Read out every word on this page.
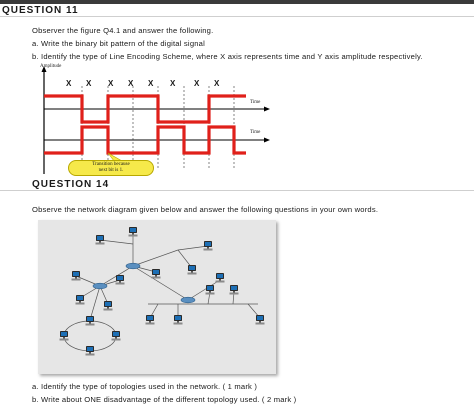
QUESTION 11
Observer the figure Q4.1 and answer the following.
a. Write the binary bit pattern of the digital signal
b. Identify the type of Line Encoding Scheme, where X axis represents time and Y axis amplitude respectively.
Amplitude
Time
Time
X X X X X X X X
Transition because
next bit is 1.
QUESTION 14
Observe the network diagram given below and answer the following questions in your own words.
a. Identify the type of topologies used in the network. ( 1 mark )
b. Write about ONE disadvantage of the different topology used. ( 2 mark )
